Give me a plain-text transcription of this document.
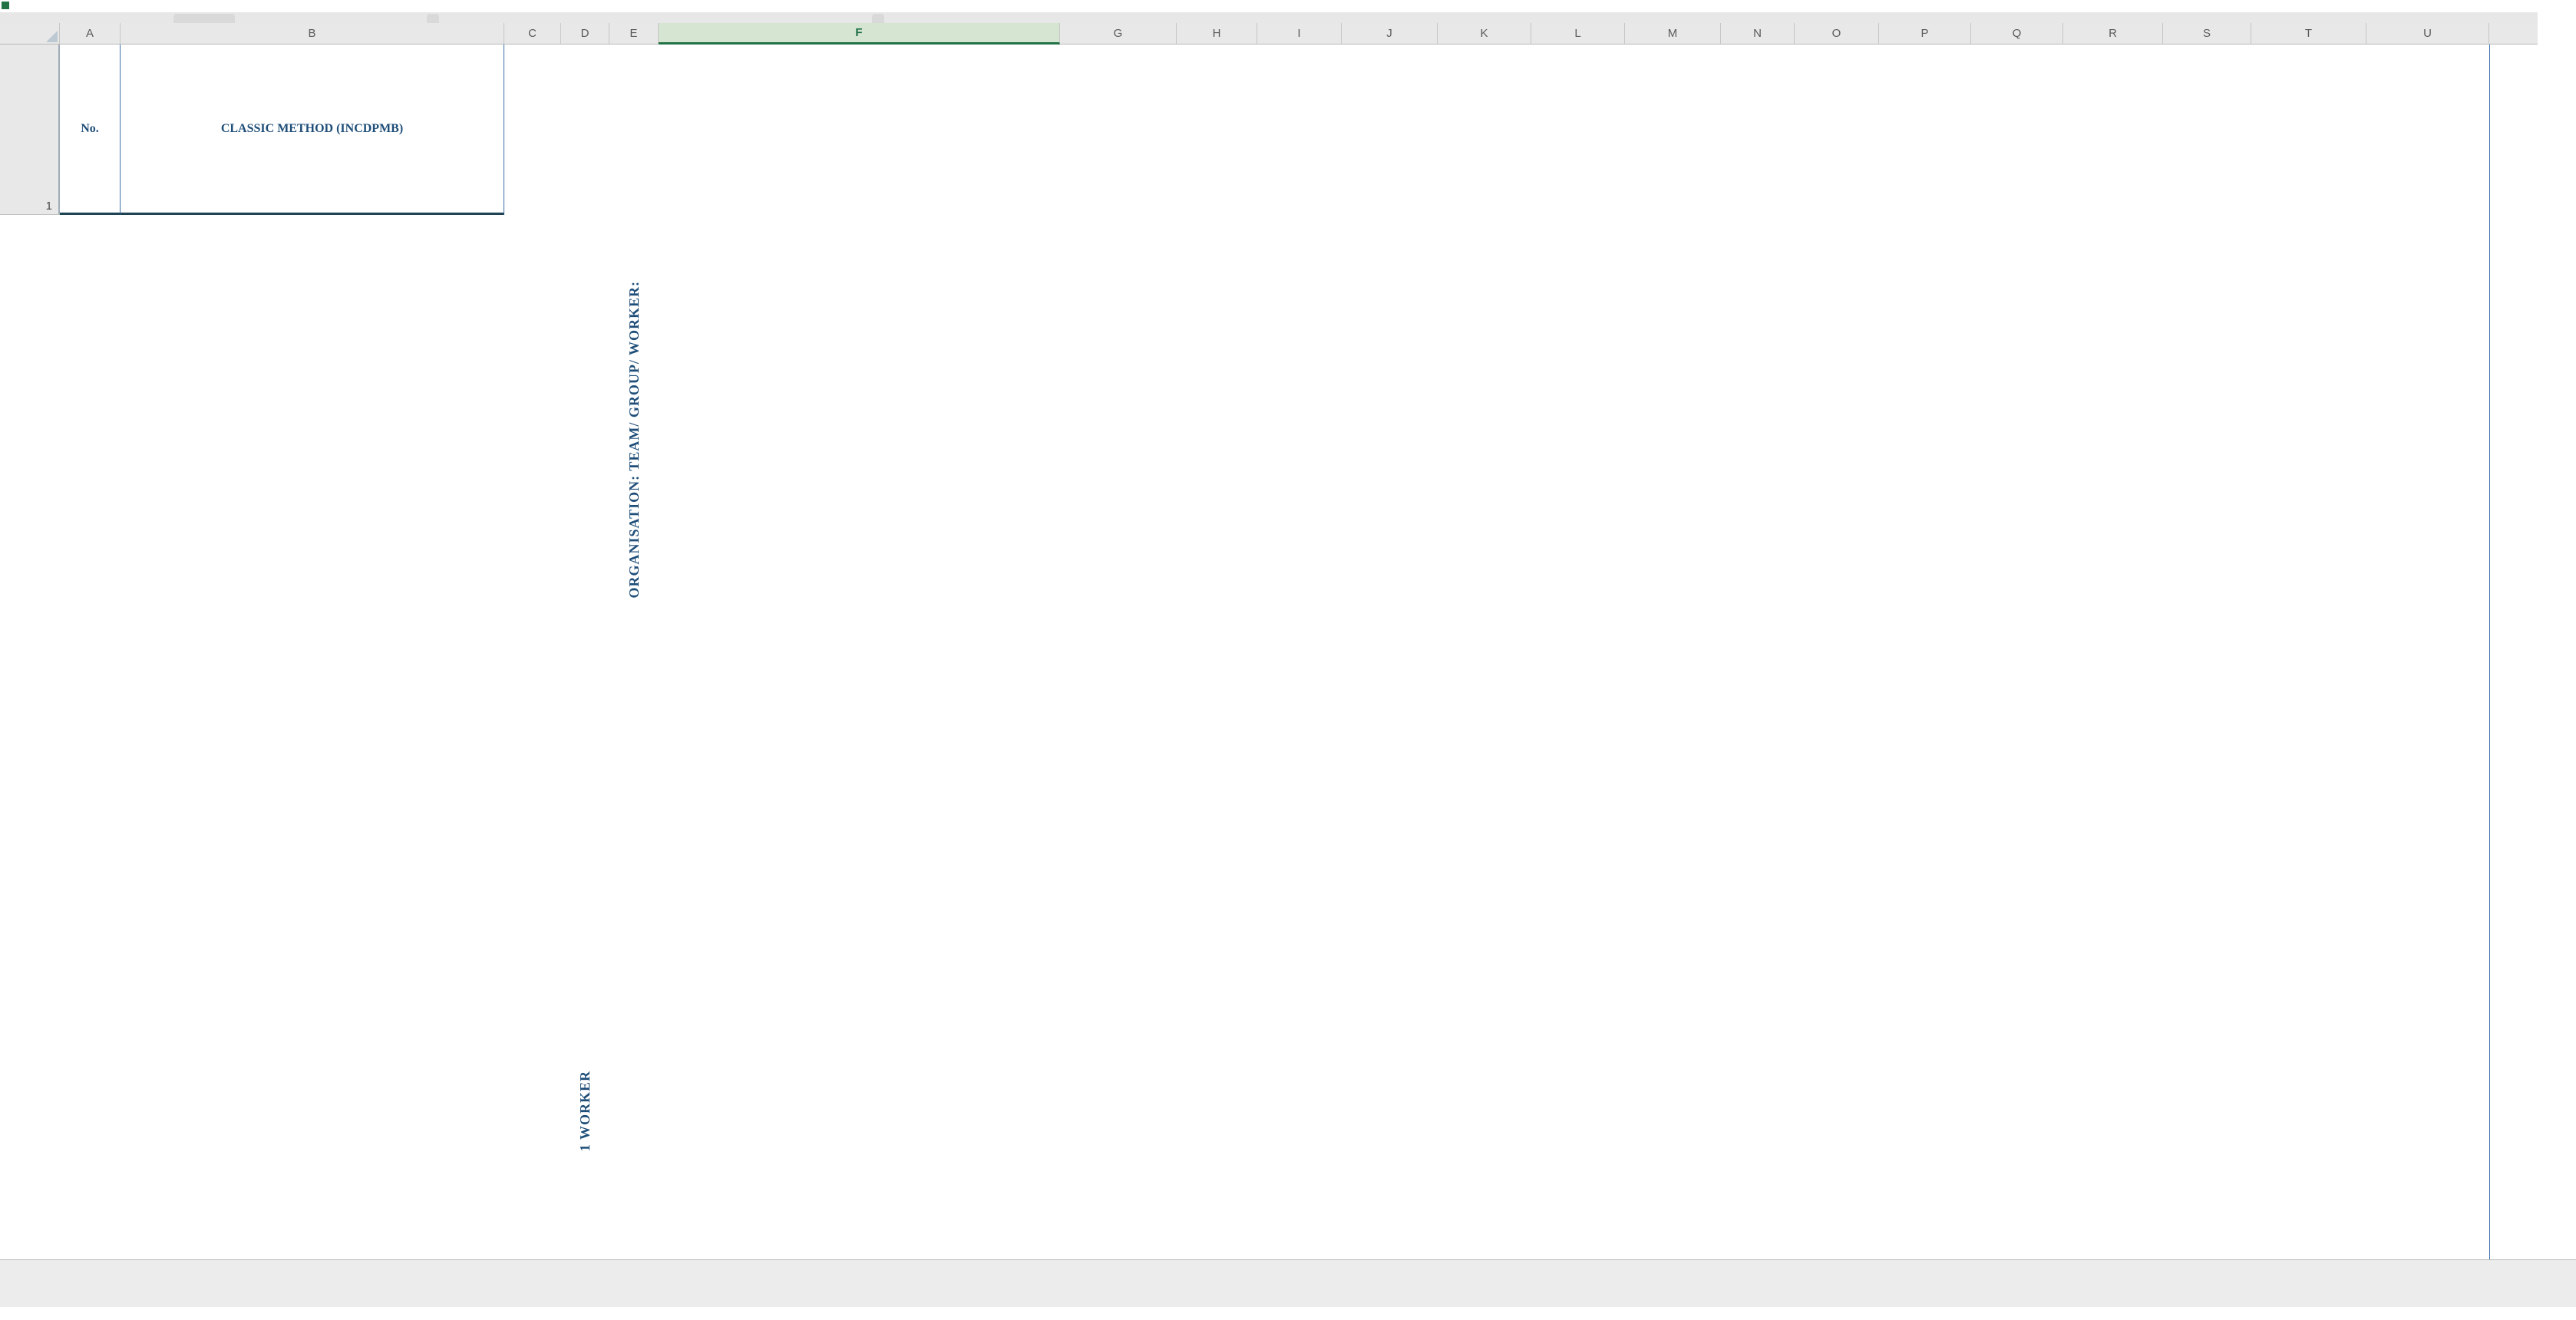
A	B	C	D	E	F	G	H	I	J	K	L	M	N	O	P	Q	R	S	T	U
1
No.	CLASSIC METHOD (INCDPMB)
ORGANISATION: TEAM/ GROUP/ WORKER:
1 WORKER
